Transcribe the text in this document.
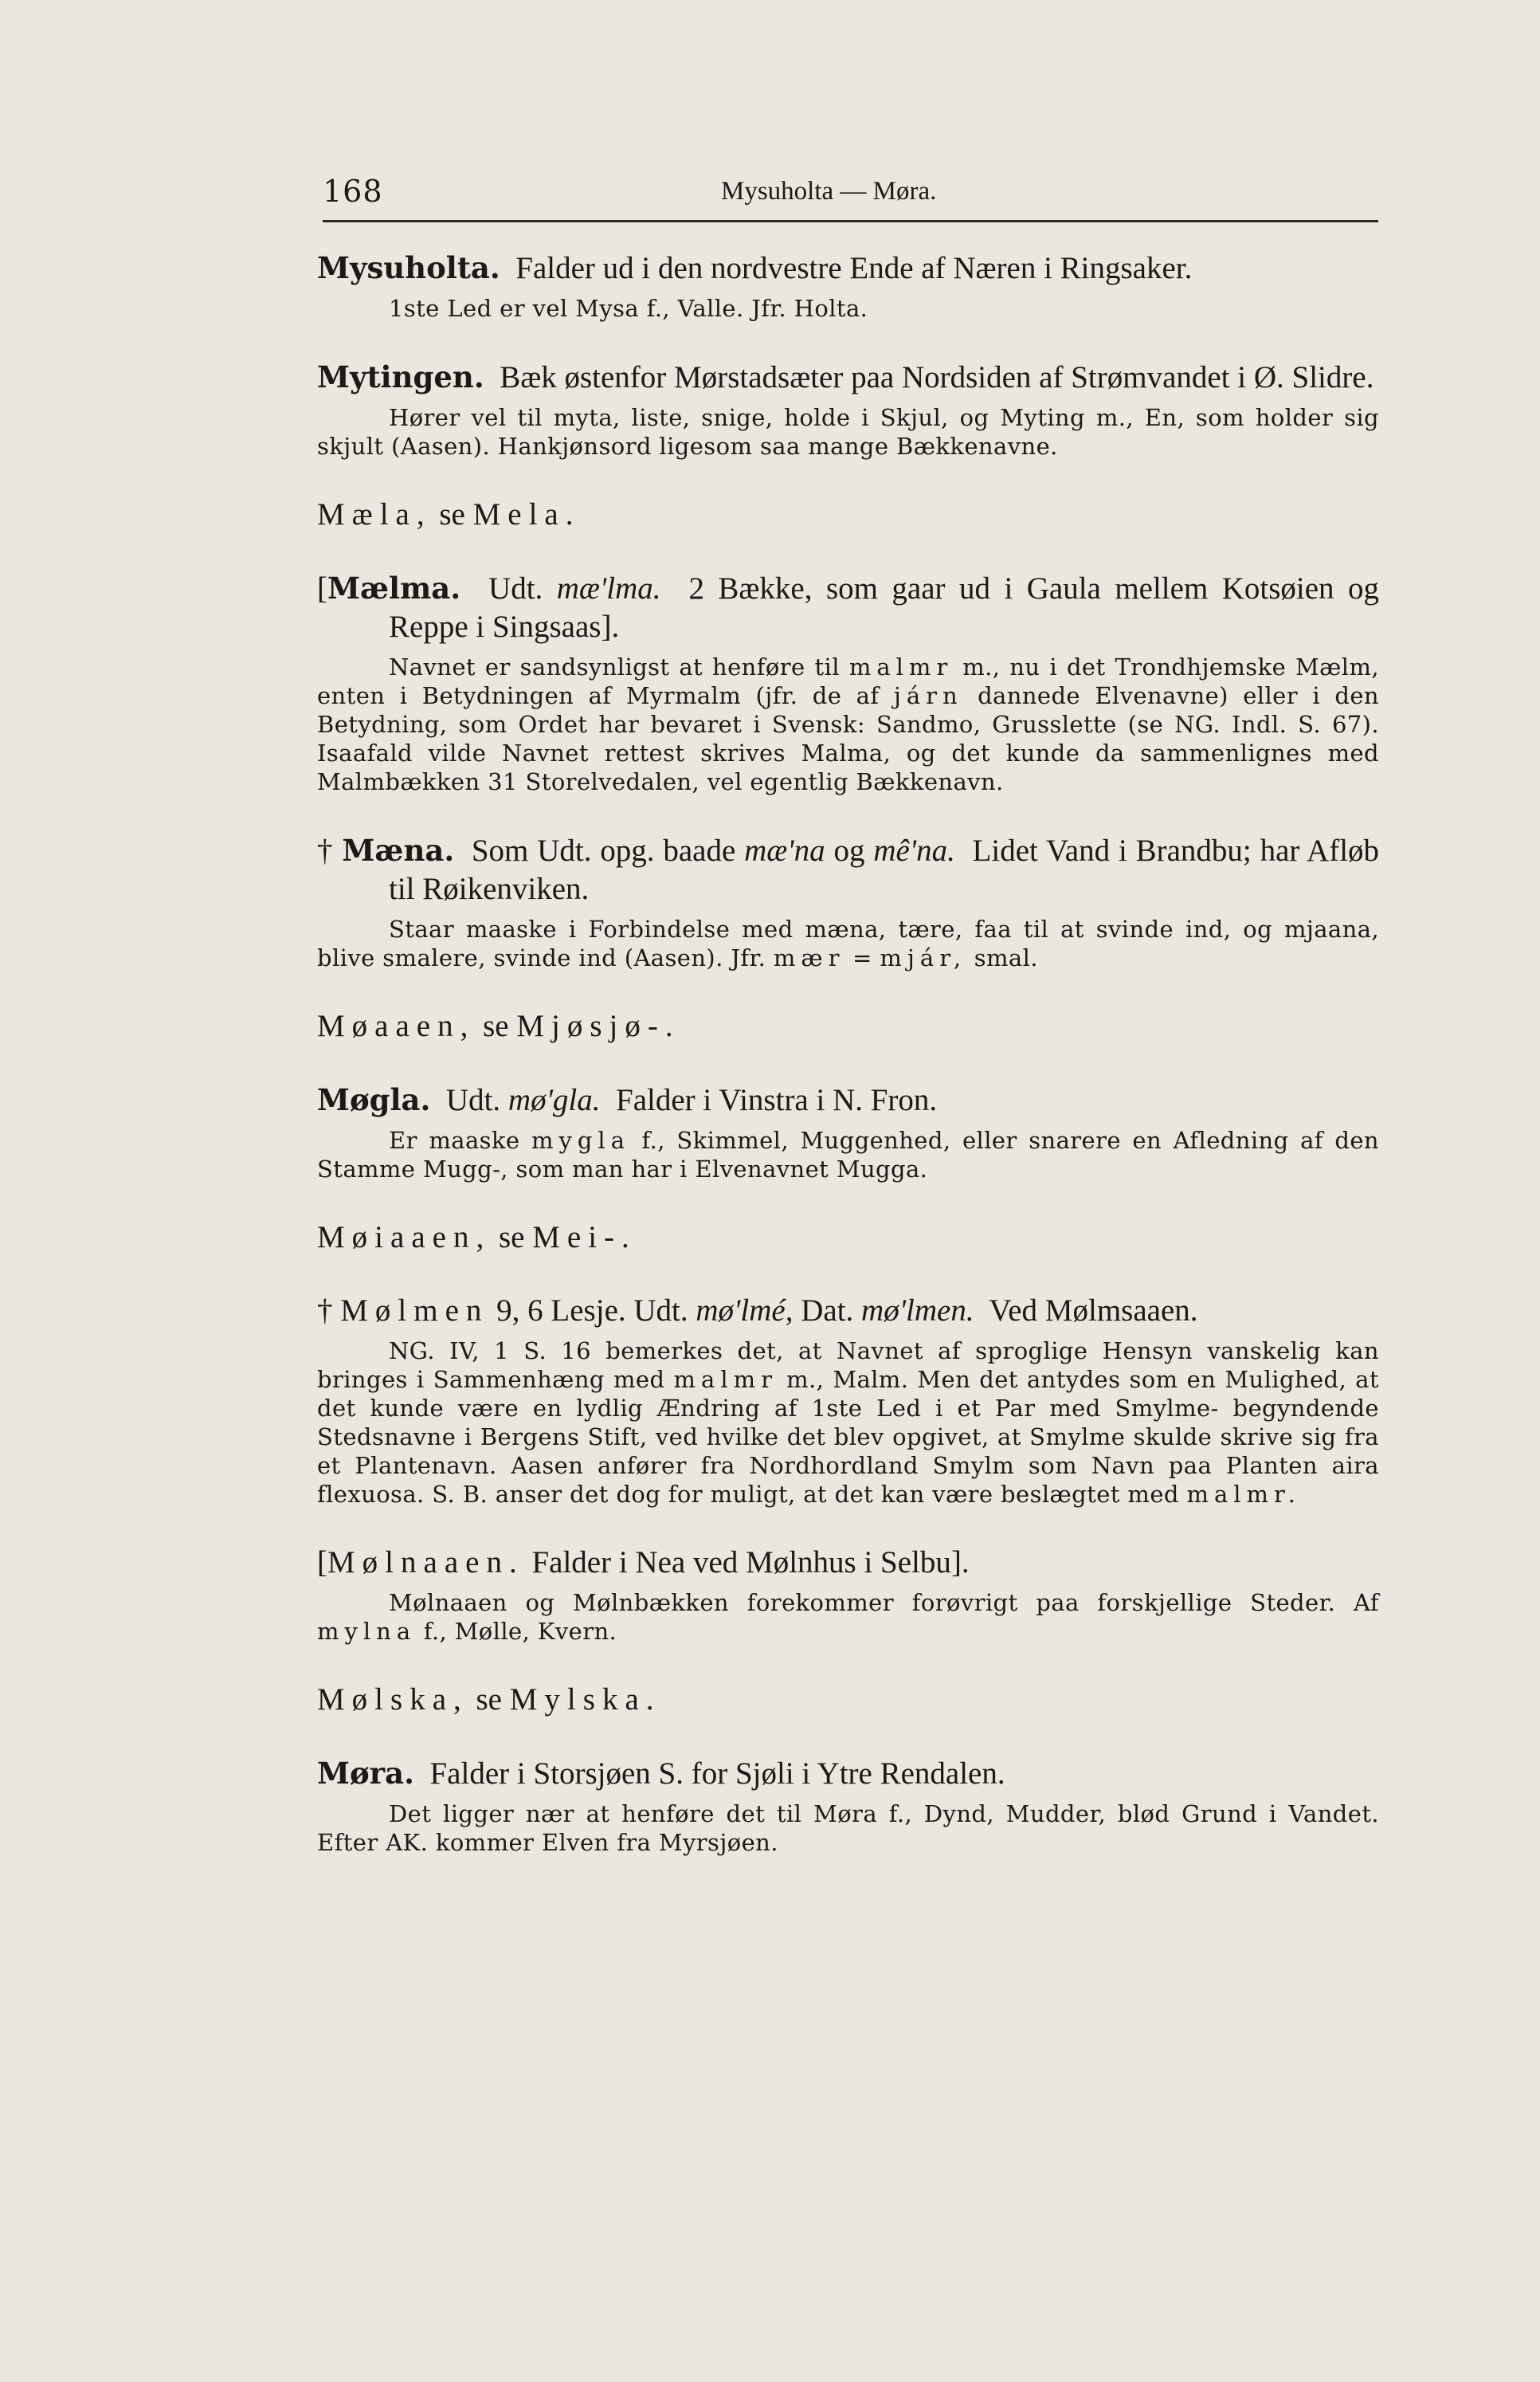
168	Mysuholta — Møra.

Mysuholta. Falder ud i den nordvestre Ende af Næren i Ringsaker.

1ste Led er vel Mysa f., Valle. Jfr. Holta.

Mytingen. Bæk østenfor Mørstadsæter paa Nordsiden af Strømvandet i Ø. Slidre.

Hører vel til myta, liste, snige, holde i Skjul, og Myting m., En, som holder sig skjult (Aasen). Hankjønsord ligesom saa mange Bækkenavne.

Mæla, se Mela.

[Mælma. Udt. mæ'lma. 2 Bække, som gaar ud i Gaula mellem Kotsøien og Reppe i Singsaas].

Navnet er sandsynligst at henføre til malmr m., nu i det Trondhjemske Mælm, enten i Betydningen af Myrmalm (jfr. de af járn dannede Elvenavne) eller i den Betydning, som Ordet har bevaret i Svensk: Sandmo, Grusslette (se NG. Indl. S. 67). Isaafald vilde Navnet rettest skrives Malma, og det kunde da sammenlignes med Malmbækken 31 Storelvedalen, vel egentlig Bækkenavn.

† Mæna. Som Udt. opg. baade mæ'na og mê'na. Lidet Vand i Brandbu; har Afløb til Røikenviken.

Staar maaske i Forbindelse med mæna, tære, faa til at svinde ind, og mjaana, blive smalere, svinde ind (Aasen). Jfr. mær = mjár, smal.

Møaaen, se Mjøsjø-.

Møgla. Udt. mø'gla. Falder i Vinstra i N. Fron.

Er maaske mygla f., Skimmel, Muggenhed, eller snarere en Afledning af den Stamme Mugg-, som man har i Elvenavnet Mugga.

Møiaaen, se Mei-.

† Mølmen 9, 6 Lesje. Udt. mø'lmé, Dat. mø'lmen. Ved Mølmsaaen.

NG. IV, 1 S. 16 bemerkes det, at Navnet af sproglige Hensyn vanskelig kan bringes i Sammenhæng med malmr m., Malm. Men det antydes som en Mulighed, at det kunde være en lydlig Ændring af 1ste Led i et Par med Smylme- begyndende Stedsnavne i Bergens Stift, ved hvilke det blev opgivet, at Smylme skulde skrive sig fra et Plantenavn. Aasen anfører fra Nordhordland Smylm som Navn paa Planten aira flexuosa. S. B. anser det dog for muligt, at det kan være beslægtet med malmr.

[Mølnaaen. Falder i Nea ved Mølnhus i Selbu].

Mølnaaen og Mølnbækken forekommer forøvrigt paa forskjellige Steder. Af mylna f., Mølle, Kvern.

Mølska, se Mylska.

Møra. Falder i Storsjøen S. for Sjøli i Ytre Rendalen.

Det ligger nær at henføre det til Møra f., Dynd, Mudder, blød Grund i Vandet. Efter AK. kommer Elven fra Myrsjøen.
